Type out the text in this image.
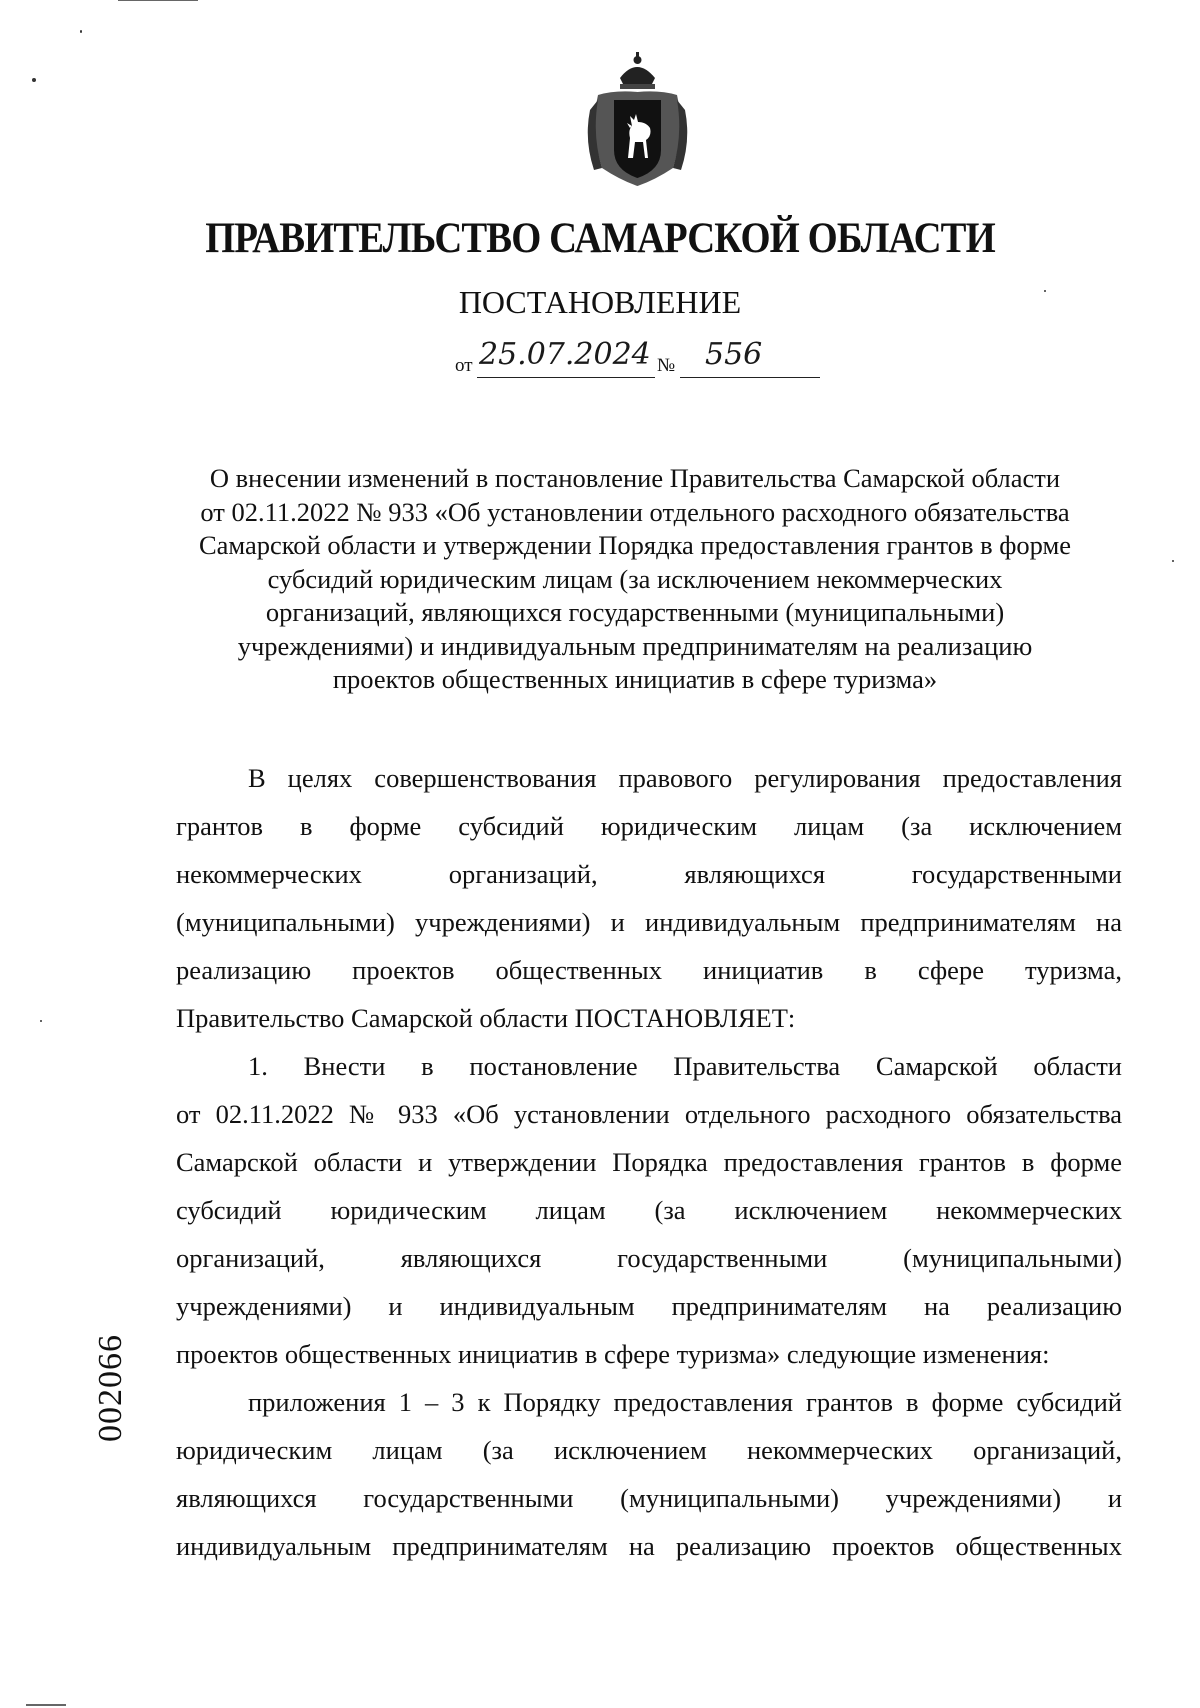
ПРАВИТЕЛЬСТВО САМАРСКОЙ ОБЛАСТИ
ПОСТАНОВЛЕНИЕ
от 25.07.2024 № 556
О внесении изменений в постановление Правительства Самарской области
от 02.11.2022 № 933 «Об установлении отдельного расходного обязательства
Самарской области и утверждении Порядка предоставления грантов в форме
субсидий юридическим лицам (за исключением некоммерческих
организаций, являющихся государственными (муниципальными)
учреждениями) и индивидуальным предпринимателям на реализацию
проектов общественных инициатив в сфере туризма»
В целях совершенствования правового регулирования предоставления
грантов в форме субсидий юридическим лицам (за исключением
некоммерческих организаций, являющихся государственными
(муниципальными) учреждениями) и индивидуальным предпринимателям на
реализацию проектов общественных инициатив в сфере туризма,
Правительство Самарской области ПОСТАНОВЛЯЕТ:
1. Внести в постановление Правительства Самарской области
от 02.11.2022 № 933 «Об установлении отдельного расходного обязательства
Самарской области и утверждении Порядка предоставления грантов в форме
субсидий юридическим лицам (за исключением некоммерческих
организаций, являющихся государственными (муниципальными)
учреждениями) и индивидуальным предпринимателям на реализацию
проектов общественных инициатив в сфере туризма» следующие изменения:
приложения 1 – 3 к Порядку предоставления грантов в форме субсидий
юридическим лицам (за исключением некоммерческих организаций,
являющихся государственными (муниципальными) учреждениями) и
индивидуальным предпринимателям на реализацию проектов общественных
002066
